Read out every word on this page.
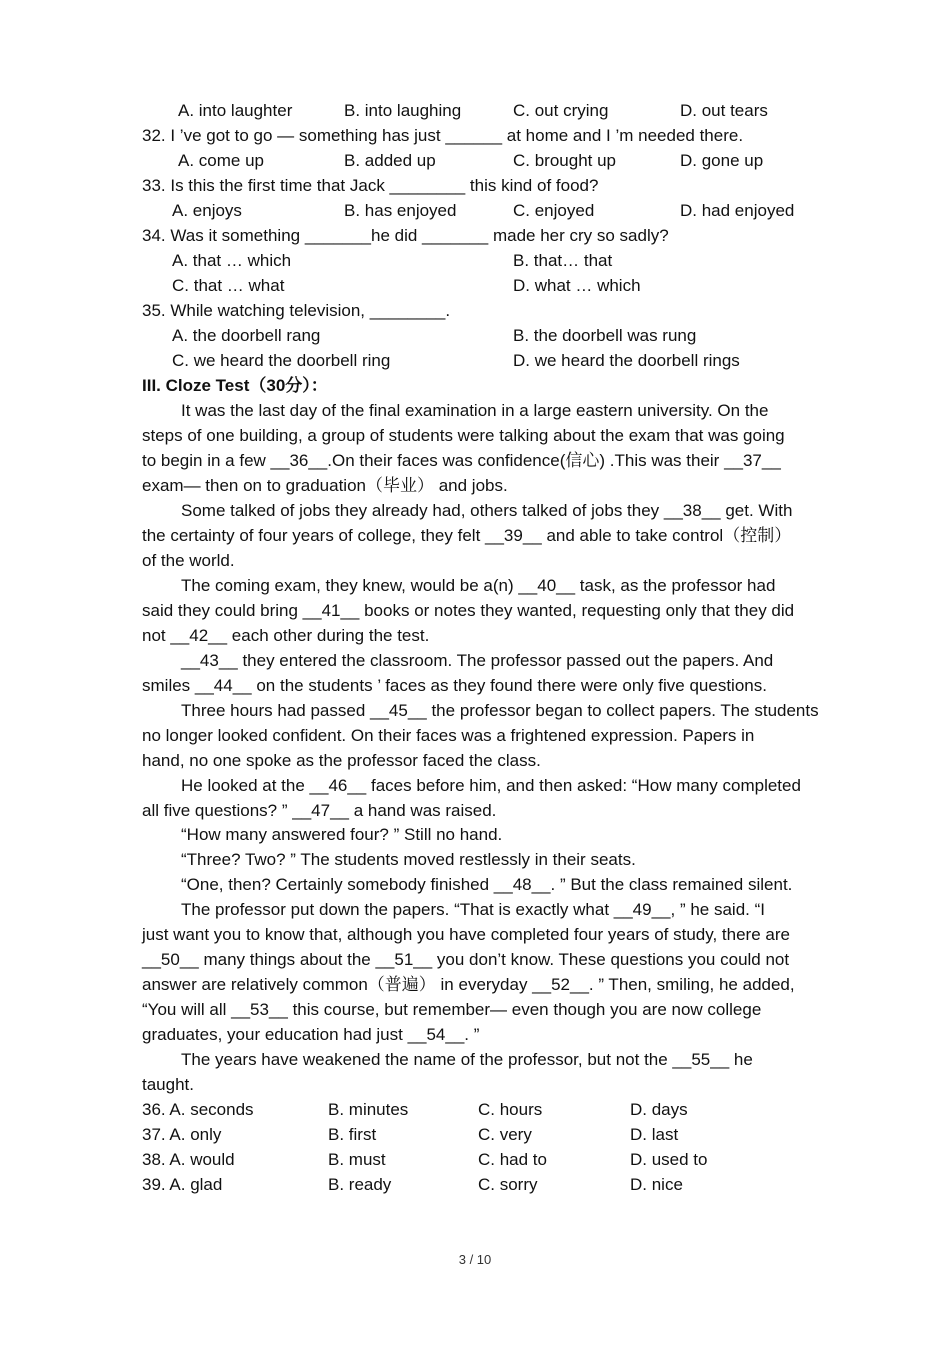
A. into laughter	B. into laughing	C. out crying	D. out tears
32. I ’ve got to go — something has just ______ at home and I ’m needed there.
A. come up	B. added up	C. brought up	D. gone up
33. Is this the first time that Jack ________ this kind of food?
A. enjoys	B. has enjoyed	C. enjoyed	D. had enjoyed
34. Was it something _______he did _______ made her cry so sadly?
A. that … which	B. that… that
C. that … what	D. what … which
35. While watching television, ________.
A. the doorbell rang	B. the doorbell was rung
C. we heard the doorbell ring	D. we heard the doorbell rings
III. Cloze Test（30分）：
It was the last day of the final examination in a large eastern university. On the
steps of one building, a group of students were talking about the exam that was going
to begin in a few __36__.On their faces was confidence(信心) .This was their __37__
exam— then on to graduation（毕业） and jobs.
Some talked of jobs they already had, others talked of jobs they __38__ get. With
the certainty of four years of college, they felt __39__ and able to take control（控制）
of the world.
The coming exam, they knew, would be a(n) __40__ task, as the professor had
said they could bring __41__ books or notes they wanted, requesting only that they did
not __42__ each other during the test.
__43__ they entered the classroom. The professor passed out the papers. And
smiles __44__ on the students ’ faces as they found there were only five questions.
Three hours had passed __45__ the professor began to collect papers. The students
no longer looked confident. On their faces was a frightened expression. Papers in
hand, no one spoke as the professor faced the class.
He looked at the __46__ faces before him, and then asked: “How many completed
all five questions? ” __47__ a hand was raised.
“How many answered four? ” Still no hand.
“Three? Two? ” The students moved restlessly in their seats.
“One, then? Certainly somebody finished __48__. ” But the class remained silent.
The professor put down the papers. “That is exactly what __49__, ” he said. “I
just want you to know that, although you have completed four years of study, there are
__50__ many things about the __51__ you don’t know. These questions you could not
answer are relatively common（普遍） in everyday __52__. ” Then, smiling, he added,
“You will all __53__ this course, but remember— even though you are now college
graduates, your education had just __54__. ”
The years have weakened the name of the professor, but not the __55__ he
taught.
36. A. seconds	B. minutes	C. hours	D. days
37. A. only	B. first	C. very	D. last
38. A. would	B. must	C. had to	D. used to
39. A. glad	B. ready	C. sorry	D. nice
3 / 10
